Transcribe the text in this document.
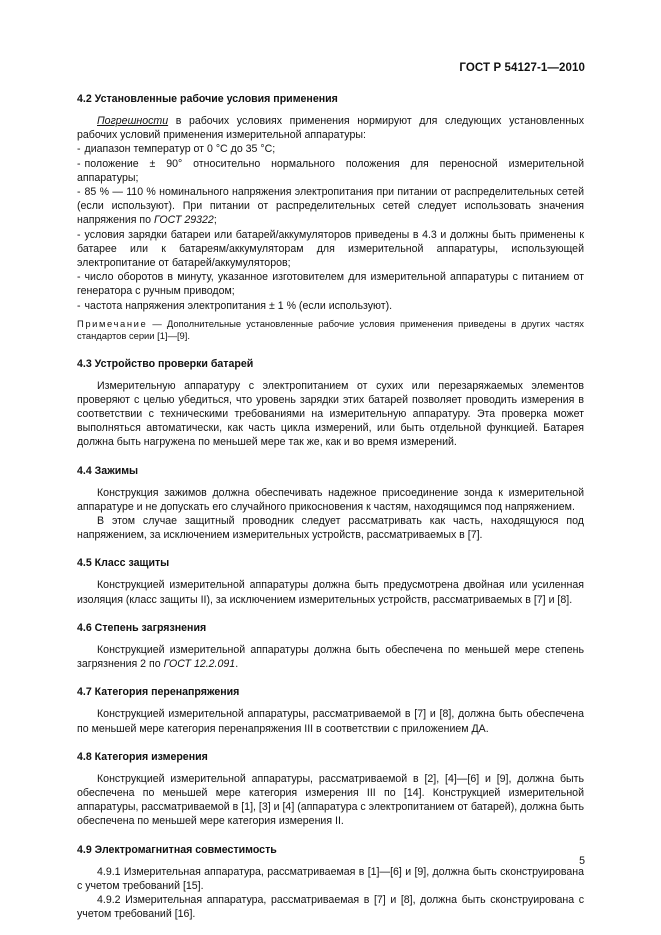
ГОСТ Р 54127-1—2010
4.2 Установленные рабочие условия применения

Погрешности в рабочих условиях применения нормируют для следующих установленных рабочих условий применения измерительной аппаратуры:

- диапазон температур от 0 °С до 35 °С;

- положение ± 90° относительно нормального положения для переносной измерительной аппаратуры;

- 85 % — 110 % номинального напряжения электропитания при питании от распределительных сетей (если используют). При питании от распределительных сетей следует использовать значения напряжения по ГОСТ 29322;

- условия зарядки батареи или батарей/аккумуляторов приведены в 4.3 и должны быть применены к батарее или к батареям/аккумуляторам для измерительной аппаратуры, использующей электропитание от батарей/аккумуляторов;

- число оборотов в минуту, указанное изготовителем для измерительной аппаратуры с питанием от генератора с ручным приводом;

- частота напряжения электропитания ± 1 % (если используют).

Примечание — Дополнительные установленные рабочие условия применения приведены в других частях стандартов серии [1]—[9].

4.3 Устройство проверки батарей

Измерительную аппаратуру с электропитанием от сухих или перезаряжаемых элементов проверяют с целью убедиться, что уровень зарядки этих батарей позволяет проводить измерения в соответствии с техническими требованиями на измерительную аппаратуру. Эта проверка может выполняться автоматически, как часть цикла измерений, или быть отдельной функцией. Батарея должна быть нагружена по меньшей мере так же, как и во время измерений.

4.4 Зажимы

Конструкция зажимов должна обеспечивать надежное присоединение зонда к измерительной аппаратуре и не допускать его случайного прикосновения к частям, находящимся под напряжением.

В этом случае защитный проводник следует рассматривать как часть, находящуюся под напряжением, за исключением измерительных устройств, рассматриваемых в [7].

4.5 Класс защиты

Конструкцией измерительной аппаратуры должна быть предусмотрена двойная или усиленная изоляция (класс защиты II), за исключением измерительных устройств, рассматриваемых в [7] и [8].

4.6 Степень загрязнения

Конструкцией измерительной аппаратуры должна быть обеспечена по меньшей мере степень загрязнения 2 по ГОСТ 12.2.091.

4.7 Категория перенапряжения

Конструкцией измерительной аппаратуры, рассматриваемой в [7] и [8], должна быть обеспечена по меньшей мере категория перенапряжения III в соответствии с приложением ДА.

4.8 Категория измерения

Конструкцией измерительной аппаратуры, рассматриваемой в [2], [4]—[6] и [9], должна быть обеспечена по меньшей мере категория измерения III по [14]. Конструкцией измерительной аппаратуры, рассматриваемой в [1], [3] и [4] (аппаратура с электропитанием от батарей), должна быть обеспечена по меньшей мере категория измерения II.

4.9 Электромагнитная совместимость

4.9.1 Измерительная аппаратура, рассматриваемая в [1]—[6] и [9], должна быть сконструирована с учетом требований [15].

4.9.2 Измерительная аппаратура, рассматриваемая в [7] и [8], должна быть сконструирована с учетом требований [16].

5
